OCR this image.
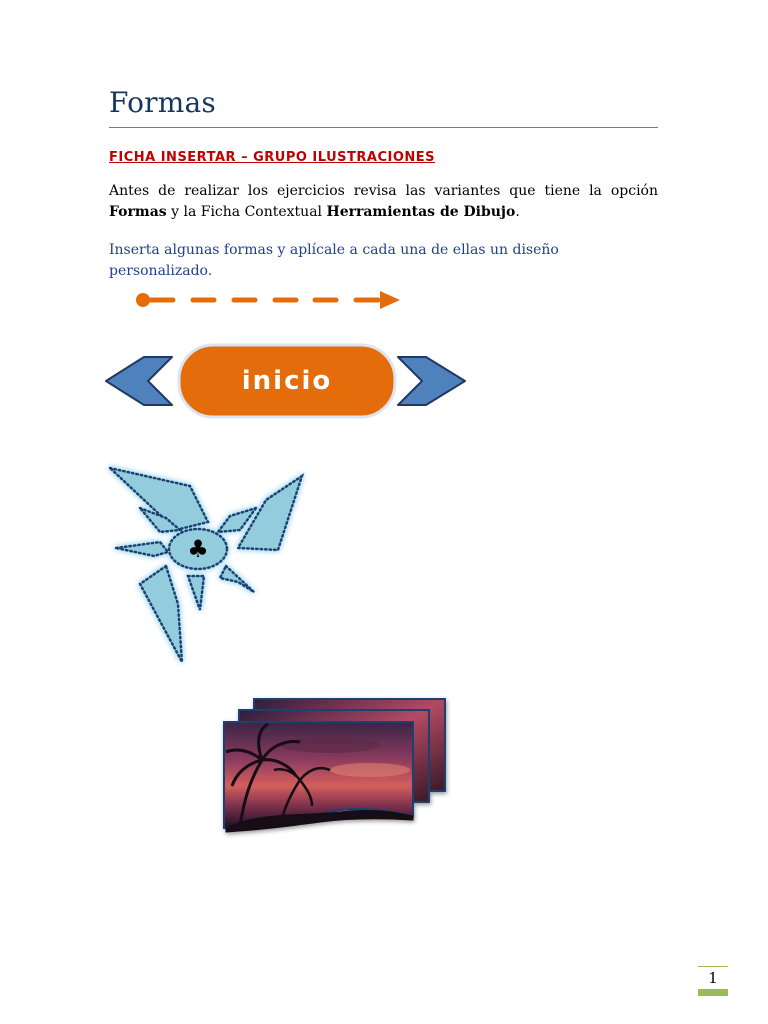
Formas
FICHA INSERTAR – GRUPO ILUSTRACIONES
Antes de realizar los ejercicios revisa las variantes que tiene la opción Formas y la Ficha Contextual Herramientas de Dibujo.
Inserta algunas formas y aplícale a cada una de ellas un diseño personalizado.
inicio
♣
1
